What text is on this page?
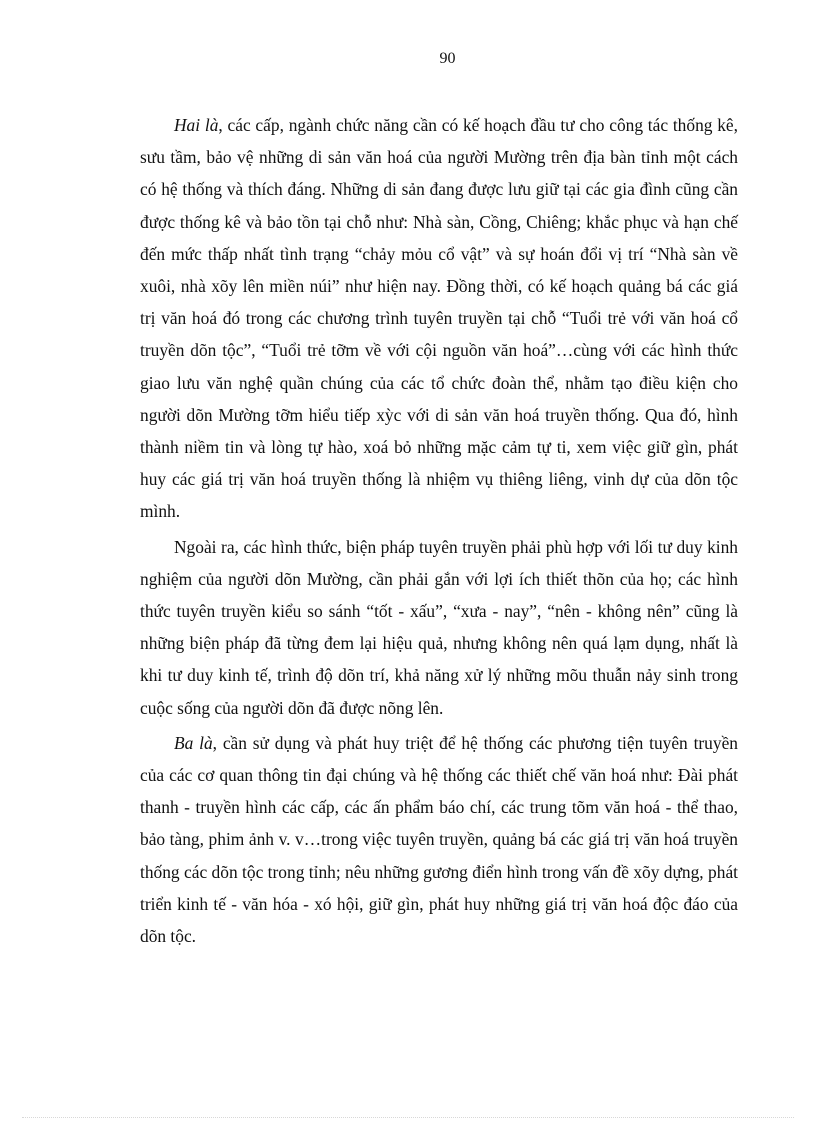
90

Hai là, các cấp, ngành chức năng cần có kế hoạch đầu tư cho công tác thống kê, sưu tầm, bảo vệ những di sản văn hoá của người Mường trên địa bàn tỉnh một cách có hệ thống và thích đáng. Những di sản đang được lưu giữ tại các gia đình cũng cần được thống kê và bảo tồn tại chỗ như: Nhà sàn, Cồng, Chiêng; khắc phục và hạn chế đến mức thấp nhất tình trạng “chảy mỏu cổ vật” và sự hoán đổi vị trí “Nhà sàn về xuôi, nhà xõy lên miền núi” như hiện nay. Đồng thời, có kế hoạch quảng bá các giá trị văn hoá đó trong các chương trình tuyên truyền tại chỗ “Tuổi trẻ với văn hoá cổ truyền dõn tộc”, “Tuổi trẻ tỡm về với cội nguồn văn hoá”…cùng với các hình thức giao lưu văn nghệ quần chúng của các tổ chức đoàn thể, nhằm tạo điều kiện cho người dõn Mường tỡm hiểu tiếp xỳc với di sản văn hoá truyền thống. Qua đó, hình thành niềm tin và lòng tự hào, xoá bỏ những mặc cảm tự ti, xem việc giữ gìn, phát huy các giá trị văn hoá truyền thống là nhiệm vụ thiêng liêng, vinh dự của dõn tộc mình.

Ngoài ra, các hình thức, biện pháp tuyên truyền phải phù hợp với lối tư duy kinh nghiệm của người dõn Mường, cần phải gắn với lợi ích thiết thõn của họ; các hình thức tuyên truyền kiểu so sánh “tốt - xấu”, “xưa - nay”, “nên - không nên” cũng là những biện pháp đã từng đem lại hiệu quả, nhưng không nên quá lạm dụng, nhất là khi tư duy kinh tế, trình độ dõn trí, khả năng xử lý những mõu thuẫn nảy sinh trong cuộc sống của người dõn đã được nõng lên.

Ba là, cần sử dụng và phát huy triệt để hệ thống các phương tiện tuyên truyền của các cơ quan thông tin đại chúng và hệ thống các thiết chế văn hoá như: Đài phát thanh - truyền hình các cấp, các ấn phẩm báo chí, các trung tõm văn hoá - thể thao, bảo tàng, phim ảnh v. v…trong việc tuyên truyền, quảng bá các giá trị văn hoá truyền thống các dõn tộc trong tỉnh; nêu những gương điển hình trong vấn đề xõy dựng, phát triển kinh tế - văn hóa - xó hội, giữ gìn, phát huy những giá trị văn hoá độc đáo của dõn tộc.
